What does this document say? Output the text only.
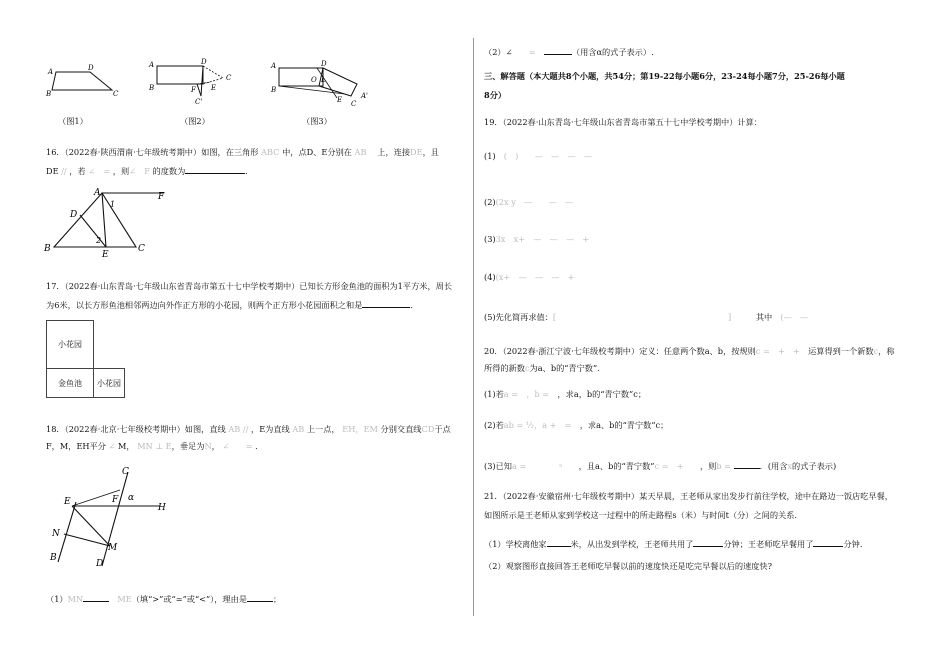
A	D
B	C
A	D
C
B	F E
C'
A	D
O L
B
E	A'
C
（图1）	（图2）	（图3）
16．（2022春·陕西渭南·七年级统考期中）如图，在三角形 ABC 中，点D、E分别在 AB　 上，连接DE，且
DE // ，若 ∠　= ，则∠　F 的度数为	．
A	F
D
1
2
B
E
C
17．（2022春·山东青岛·七年级山东省青岛市第五十七中学校考期中）已知长方形金鱼池的面积为1平方米，周长
为6米，以长方形鱼池相邻两边向外作正方形的小花园，则两个正方形小花园面积之和是	．
小花园	
金鱼池	小花园
18．（2022春·北京·七年级校考期中）如图，直线 AB // ，E为直线 AB 上一点， EH，EM 分别交直线CD于点
F，M，EH平分 ∠ M， MN ⊥ E，垂足为N， ∠　　= ．
C
E	F α
H
N
M
B
D
（1）MN　	ME（填“>”或“=”或“<”），理由是	；
（2）∠　　=　	（用含α的式子表示）.
三、解答题（本大题共8个小题，共54分；第19-22每小题6分，23-24每小题7分，25-26每小题
8分）
19．（2022春·山东青岛·七年级山东省青岛市第五十七中学校考期中）计算：
(1)　(　)　　—　—　—　—
(2)(2x y　—　　—　—
(3)3x　x+　—　—　—　+
(4)(x+　—　—　—　+
(5)先化简再求值：[　　　　　　　　　　　　　　　　　　　　　]　　　其中　(—　—
20．（2022春·浙江宁波·七年级校考期中）定义：任意两个数a、b，按规则c =　+　+　运算得到一个新数c，称
所得的新数c为a、b的“青宁数”．
(1)若a =　，b =　，求a，b的“青宁数”c；
(2)若ab = ½，a +　=　，求a、b的“青宁数”c；
(3)已知a =　　　　ᵃ　　，且a、b的“青宁数”c =　+　　，则b =	．(用含x的式子表示)
21．（2022春·安徽宿州·七年级校考期中）某天早晨，王老师从家出发步行前往学校，途中在路边一饭店吃早餐，
如图所示是王老师从家到学校这一过程中的所走路程s（米）与时间t（分）之间的关系.
（1）学校离他家	米，从出发到学校，王老师共用了	分钟；王老师吃早餐用了	分钟.
（2）观察图形直接回答王老师吃早餐以前的速度快还是吃完早餐以后的速度快?
